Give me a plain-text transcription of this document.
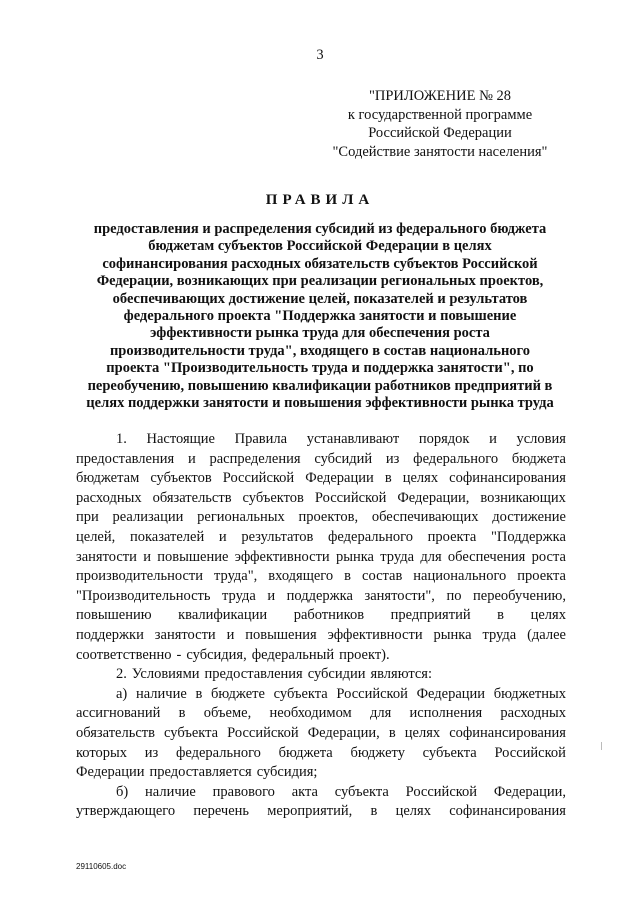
3
"ПРИЛОЖЕНИЕ № 28
к государственной программе
Российской Федерации
"Содействие занятости населения"
ПРАВИЛА
предоставления и распределения субсидий из федерального бюджета
бюджетам субъектов Российской Федерации в целях
софинансирования расходных обязательств субъектов Российской
Федерации, возникающих при реализации региональных проектов,
обеспечивающих достижение целей, показателей и результатов
федерального проекта "Поддержка занятости и повышение
эффективности рынка труда для обеспечения роста
производительности труда", входящего в состав национального
проекта "Производительность труда и поддержка занятости", по
переобучению, повышению квалификации работников предприятий в
целях поддержки занятости и повышения эффективности рынка труда
1. Настоящие Правила устанавливают порядок и условия
предоставления и распределения субсидий из федерального бюджета
бюджетам субъектов Российской Федерации в целях софинансирования
расходных обязательств субъектов Российской Федерации, возникающих
при реализации региональных проектов, обеспечивающих достижение
целей, показателей и результатов федерального проекта "Поддержка
занятости и повышение эффективности рынка труда для обеспечения роста
производительности труда", входящего в состав национального проекта
"Производительность труда и поддержка занятости", по переобучению,
повышению квалификации работников предприятий в целях
поддержки занятости и повышения эффективности рынка труда (далее
соответственно - субсидия, федеральный проект).
2. Условиями предоставления субсидии являются:
а) наличие в бюджете субъекта Российской Федерации бюджетных
ассигнований в объеме, необходимом для исполнения расходных
обязательств субъекта Российской Федерации, в целях софинансирования
которых из федерального бюджета бюджету субъекта Российской
Федерации предоставляется субсидия;
б) наличие правового акта субъекта Российской Федерации,
утверждающего перечень мероприятий, в целях софинансирования
29110605.doc
